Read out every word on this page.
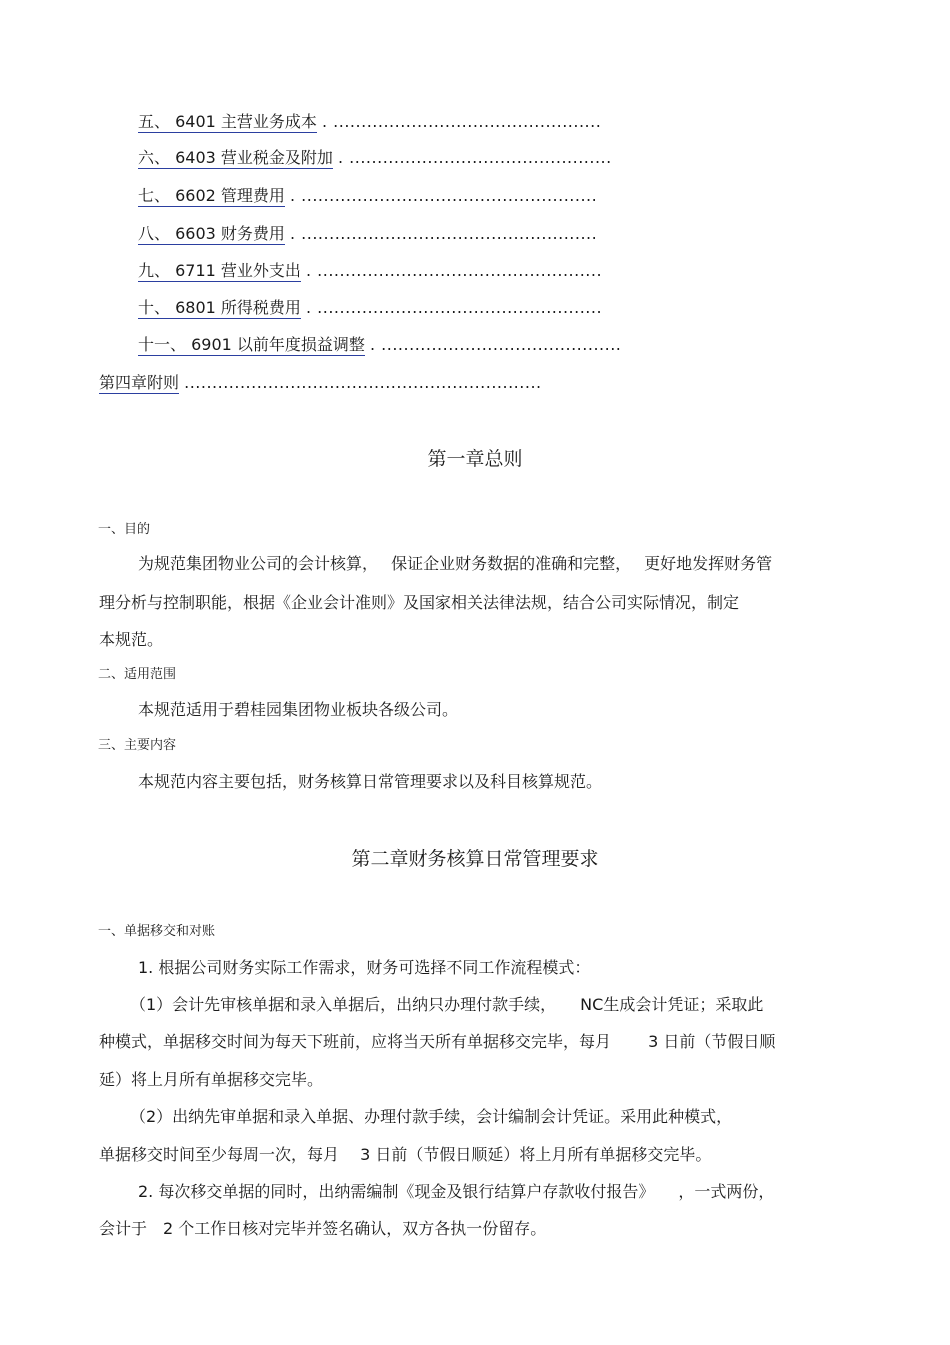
五、 6401 主营业务成本 . ................................................
六、 6403 营业税金及附加 . ...............................................
七、 6602 管理费用 . .....................................................
八、 6603 财务费用 . .....................................................
九、 6711 营业外支出 . ...................................................
十、 6801 所得税费用 . ...................................................
十一、 6901 以前年度损益调整 . ...........................................
第四章附则 ................................................................
第一章总则
一、目的
为规范集团物业公司的会计核算，　 保证企业财务数据的准确和完整，　 更好地发挥财务管
理分析与控制职能，根据《企业会计准则》及国家相关法律法规，结合公司实际情况，制定
本规范。
二、适用范围
本规范适用于碧桂园集团物业板块各级公司。
三、主要内容
本规范内容主要包括，财务核算日常管理要求以及科目核算规范。
第二章财务核算日常管理要求
一、单据移交和对账
1. 根据公司财务实际工作需求，财务可选择不同工作流程模式：
（1）会计先审核单据和录入单据后，出纳只办理付款手续，　　NC生成会计凭证；采取此
种模式，单据移交时间为每天下班前，应将当天所有单据移交完毕，每月　　 3 日前（节假日顺
延）将上月所有单据移交完毕。
（2）出纳先审单据和录入单据、办理付款手续，会计编制会计凭证。采用此种模式，
单据移交时间至少每周一次，每月　 3 日前（节假日顺延）将上月所有单据移交完毕。
2. 每次移交单据的同时，出纳需编制《现金及银行结算户存款收付报告》　　，一式两份，
会计于　2 个工作日核对完毕并签名确认，双方各执一份留存。
